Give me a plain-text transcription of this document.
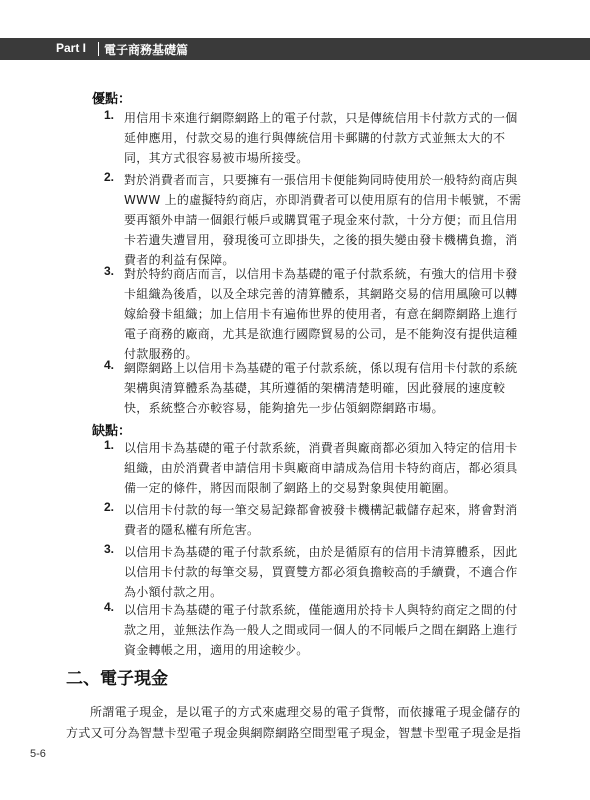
Part I 電子商務基礎篇
優點：
1. 用信用卡來進行網際網路上的電子付款，只是傳統信用卡付款方式的一個延伸應用，付款交易的進行與傳統信用卡郵購的付款方式並無太大的不同，其方式很容易被市場所接受。
2. 對於消費者而言，只要擁有一張信用卡便能夠同時使用於一般特約商店與 WWW 上的虛擬特約商店，亦即消費者可以使用原有的信用卡帳號，不需要再額外申請一個銀行帳戶或購買電子現金來付款，十分方便；而且信用卡若遺失遭冒用，發現後可立即掛失，之後的損失變由發卡機構負擔，消費者的利益有保障。
3. 對於特約商店而言，以信用卡為基礎的電子付款系統，有強大的信用卡發卡組織為後盾，以及全球完善的清算體系，其網路交易的信用風險可以轉嫁給發卡組織；加上信用卡有遍佈世界的使用者，有意在網際網路上進行電子商務的廠商，尤其是欲進行國際貿易的公司，是不能夠沒有提供這種付款服務的。
4. 網際網路上以信用卡為基礎的電子付款系統，係以現有信用卡付款的系統架構與清算體系為基礎，其所遵循的架構清楚明確，因此發展的速度較快，系統整合亦較容易，能夠搶先一步佔領網際網路市場。
缺點：
1. 以信用卡為基礎的電子付款系統，消費者與廠商都必須加入特定的信用卡組織，由於消費者申請信用卡與廠商申請成為信用卡特約商店，都必須具備一定的條件，將因而限制了網路上的交易對象與使用範圍。
2. 以信用卡付款的每一筆交易記錄都會被發卡機構記載儲存起來，將會對消費者的隱私權有所危害。
3. 以信用卡為基礎的電子付款系統，由於是循原有的信用卡清算體系，因此以信用卡付款的每筆交易，買賣雙方都必須負擔較高的手續費，不適合作為小額付款之用。
4. 以信用卡為基礎的電子付款系統，僅能適用於持卡人與特約商定之間的付款之用，並無法作為一般人之間或同一個人的不同帳戶之間在網路上進行資金轉帳之用，適用的用途較少。
二、電子現金
所謂電子現金，是以電子的方式來處理交易的電子貨幣，而依據電子現金儲存的方式又可分為智慧卡型電子現金與網際網路空間型電子現金，智慧卡型電子現金是指
5-6
